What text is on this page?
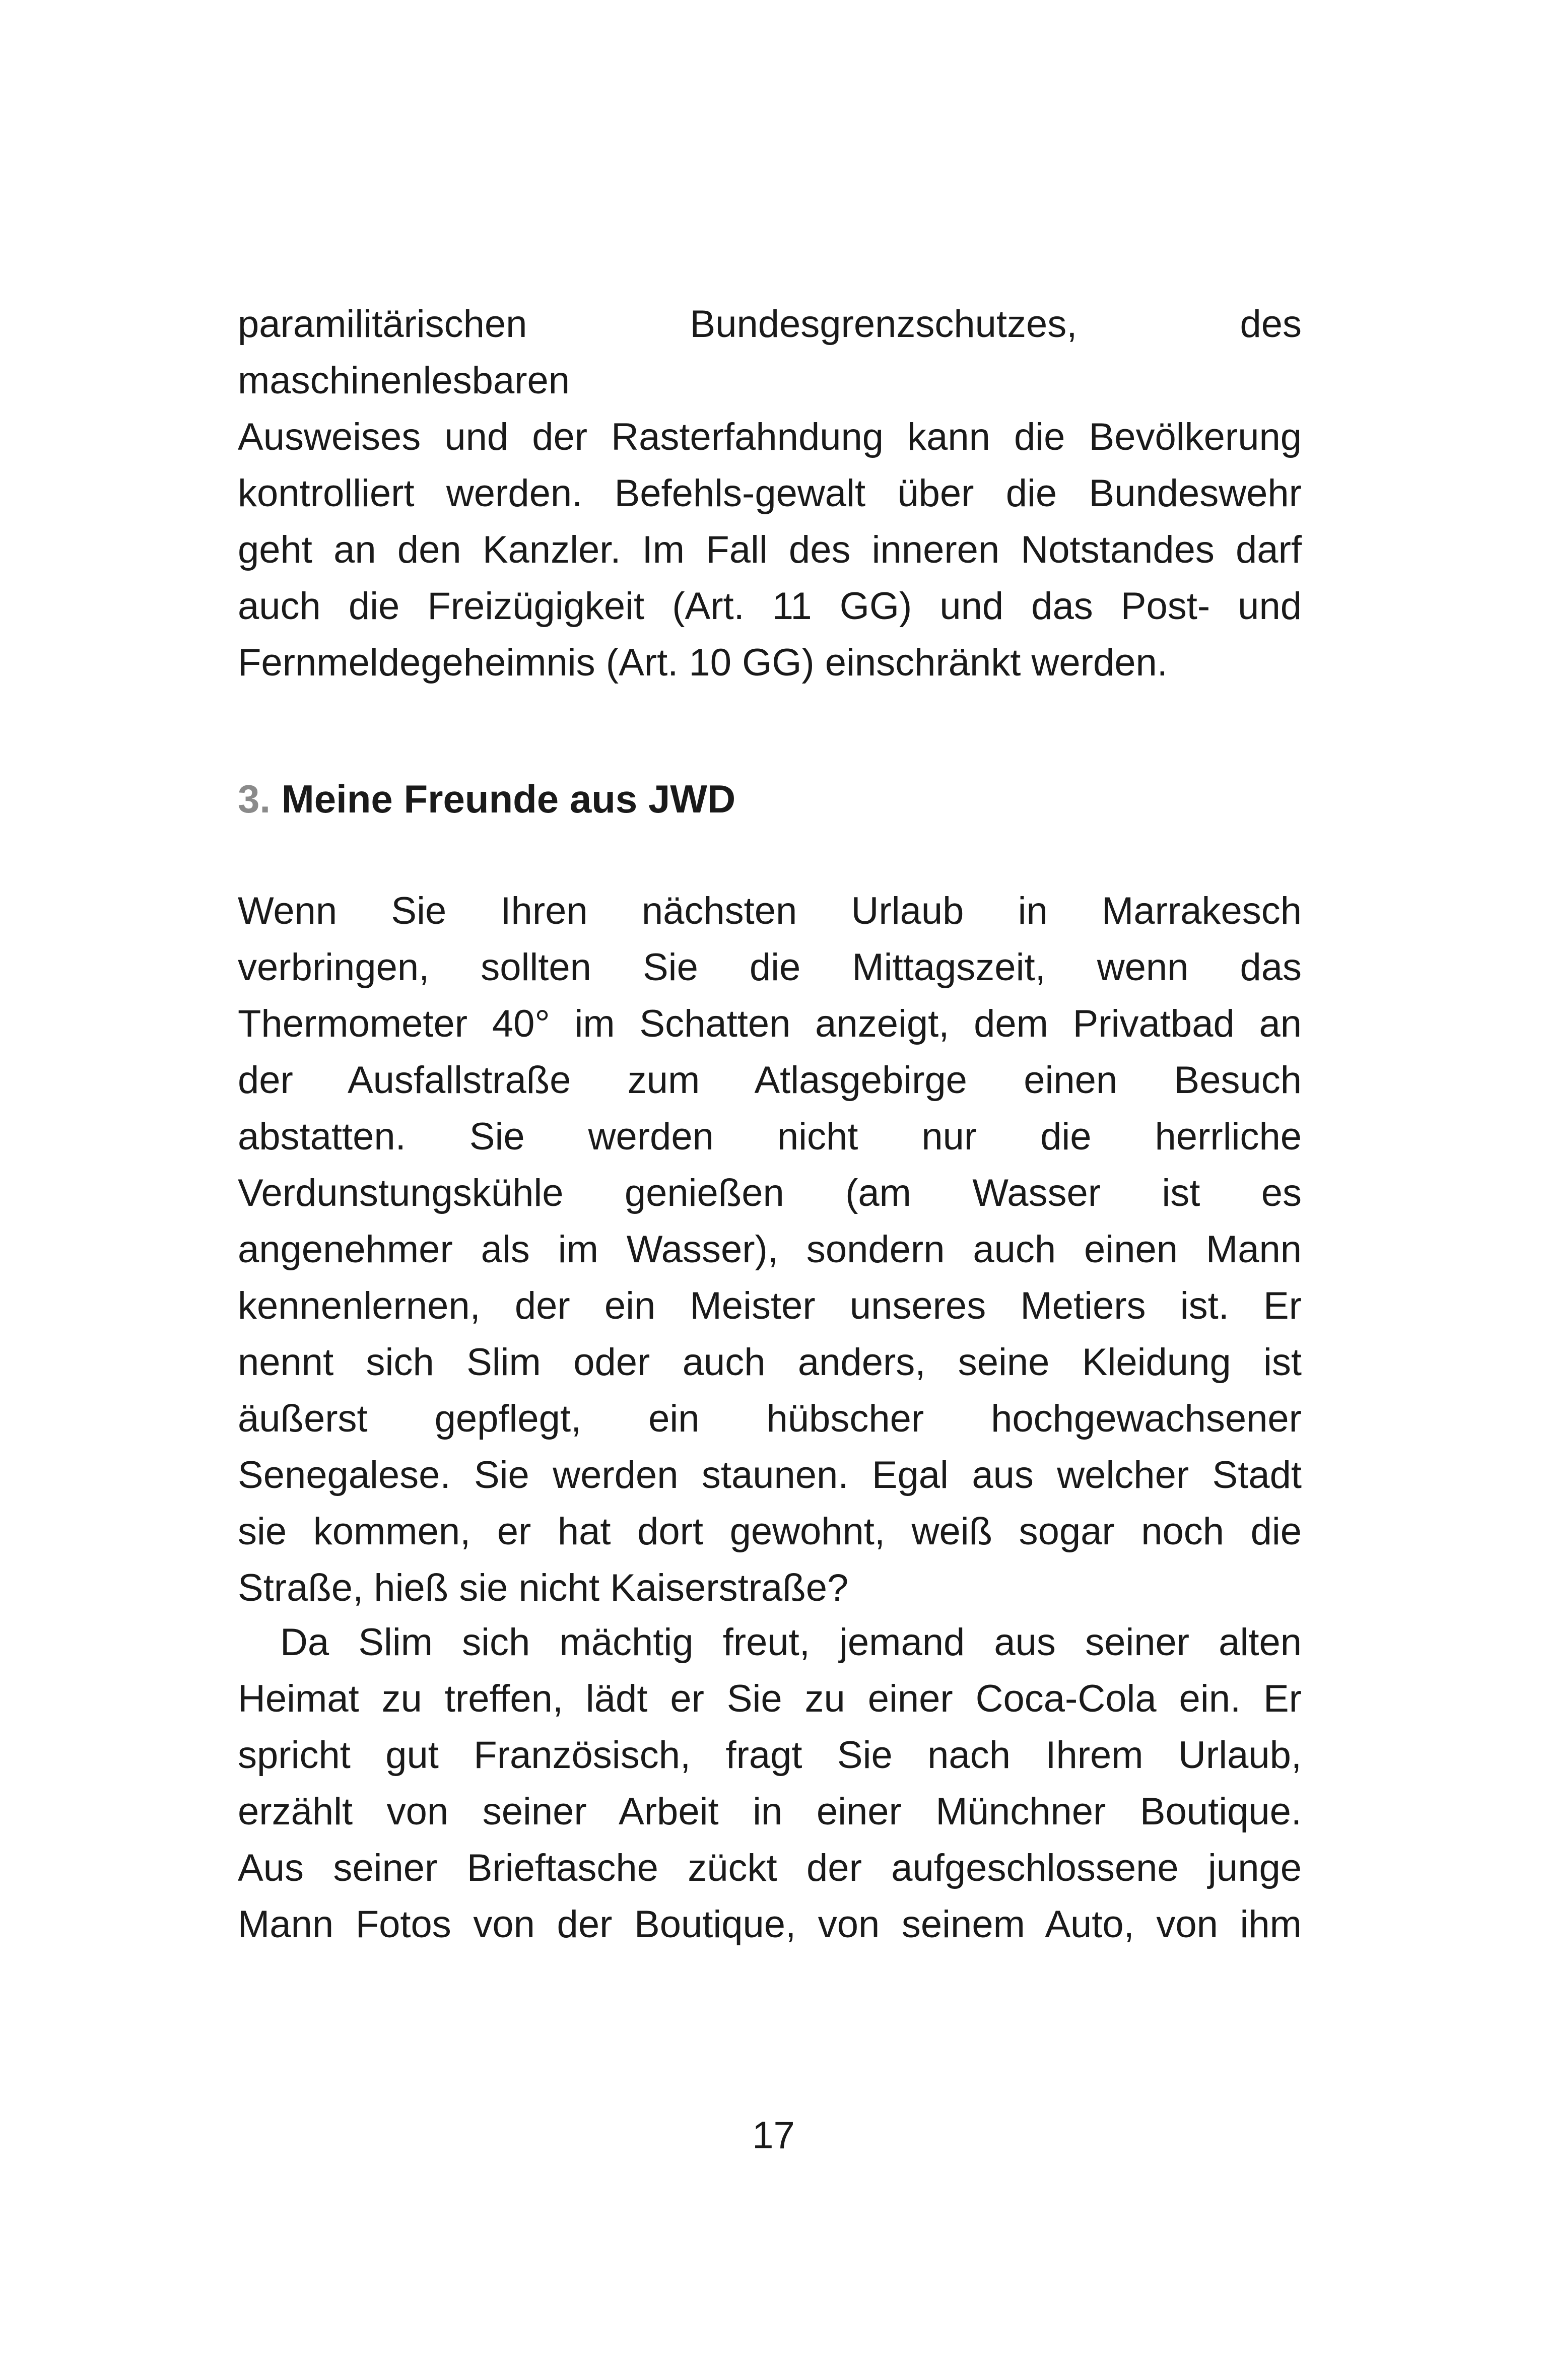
paramilitärischen Bundesgrenzschutzes, des
maschinenlesbaren
Ausweises und der Rasterfahndung kann die Bevölkerung
kontrolliert werden. Befehls-gewalt über die Bundeswehr
geht an den Kanzler. Im Fall des inneren Notstandes darf
auch die Freizügigkeit (Art. 11 GG) und das Post- und
Fernmeldegeheimnis (Art. 10 GG) einschränkt werden.
3. Meine Freunde aus JWD
Wenn Sie Ihren nächsten Urlaub in Marrakesch
verbringen, sollten Sie die Mittagszeit, wenn das
Thermometer 40° im Schatten anzeigt, dem Privatbad an
der Ausfallstraße zum Atlasgebirge einen Besuch
abstatten. Sie werden nicht nur die herrliche
Verdunstungskühle genießen (am Wasser ist es
angenehmer als im Wasser), sondern auch einen Mann
kennenlernen, der ein Meister unseres Metiers ist. Er
nennt sich Slim oder auch anders, seine Kleidung ist
äußerst gepflegt, ein hübscher hochgewachsener
Senegalese. Sie werden staunen. Egal aus welcher Stadt
sie kommen, er hat dort gewohnt, weiß sogar noch die
Straße, hieß sie nicht Kaiserstraße?
Da Slim sich mächtig freut, jemand aus seiner alten
Heimat zu treffen, lädt er Sie zu einer Coca-Cola ein. Er
spricht gut Französisch, fragt Sie nach Ihrem Urlaub,
erzählt von seiner Arbeit in einer Münchner Boutique.
Aus seiner Brieftasche zückt der aufgeschlossene junge
Mann Fotos von der Boutique, von seinem Auto, von ihm
17
